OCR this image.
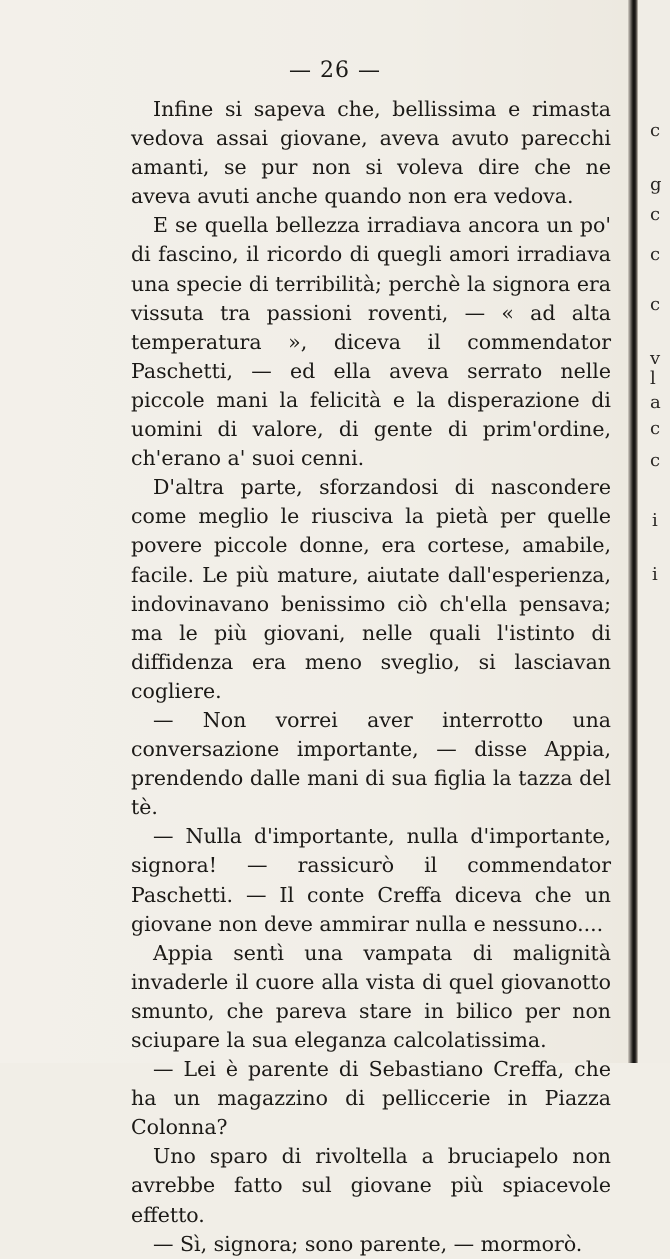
— 26 —

Infine si sapeva che, bellissima e rimasta vedova assai giovane, aveva avuto parecchi amanti, se pur non si voleva dire che ne aveva avuti anche quando non era vedova.

E se quella bellezza irradiava ancora un po' di fascino, il ricordo di quegli amori irradiava una specie di terribilità; perchè la signora era vissuta tra passioni roventi, — « ad alta temperatura », diceva il commendator Paschetti, — ed ella aveva serrato nelle piccole mani la felicità e la disperazione di uomini di valore, di gente di prim'ordine, ch'erano a' suoi cenni.

D'altra parte, sforzandosi di nascondere come meglio le riusciva la pietà per quelle povere piccole donne, era cortese, amabile, facile. Le più mature, aiutate dall'esperienza, indovinavano benissimo ciò ch'ella pensava; ma le più giovani, nelle quali l'istinto di diffidenza era meno sveglio, si lasciavan cogliere.

— Non vorrei aver interrotto una conversazione importante, — disse Appia, prendendo dalle mani di sua figlia la tazza del tè.

— Nulla d'importante, nulla d'importante, signora! — rassicurò il commendator Paschetti. — Il conte Creffa diceva che un giovane non deve ammirar nulla e nessuno....

Appia sentì una vampata di malignità invaderle il cuore alla vista di quel giovanotto smunto, che pareva stare in bilico per non sciupare la sua eleganza calcolatissima.

— Lei è parente di Sebastiano Creffa, che ha un magazzino di pelliccerie in Piazza Colonna?

Uno sparo di rivoltella a bruciapelo non avrebbe fatto sul giovane più spiacevole effetto.

— Sì, signora; sono parente, — mormorò.

c
g
c
c
c
v
l
a
c
c
i
i
